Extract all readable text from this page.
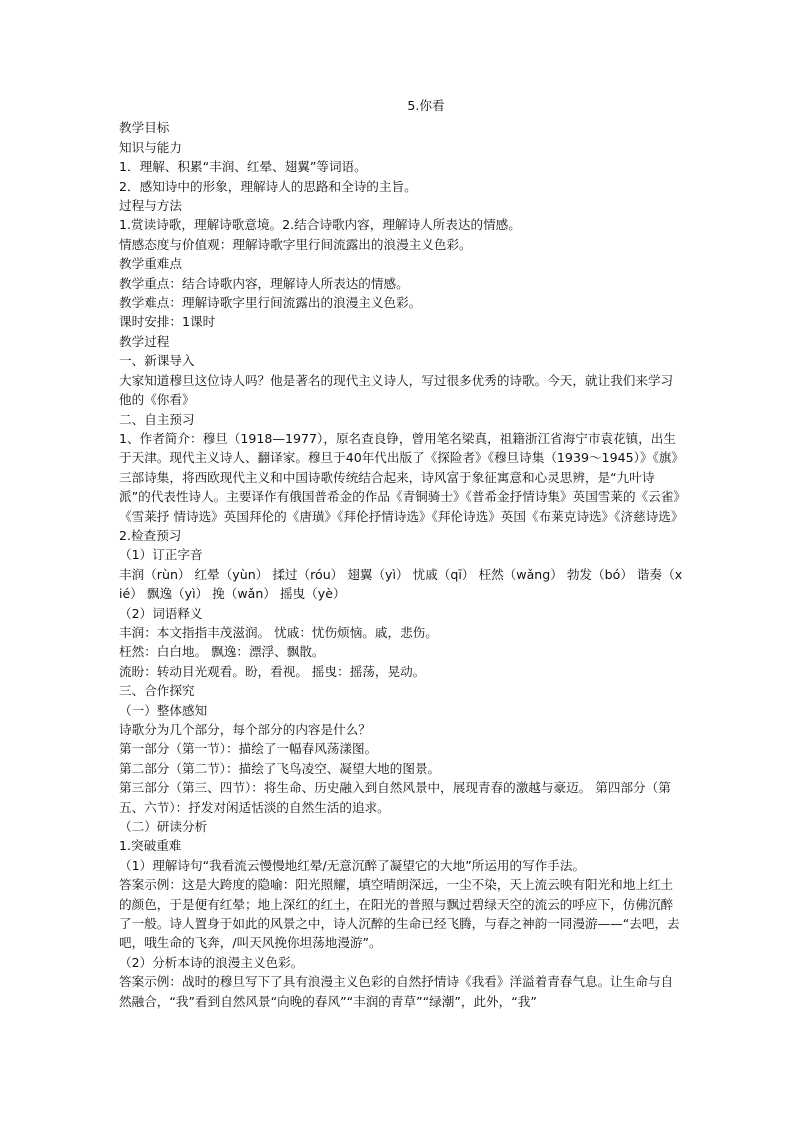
5.你看
教学目标
知识与能力
1．理解、积累“丰润、红晕、翅翼”等词语。
2．感知诗中的形象，理解诗人的思路和全诗的主旨。
过程与方法
1.赏读诗歌，理解诗歌意境。2.结合诗歌内容，理解诗人所表达的情感。
情感态度与价值观：理解诗歌字里行间流露出的浪漫主义色彩。
教学重难点
教学重点：结合诗歌内容，理解诗人所表达的情感。
教学难点：理解诗歌字里行间流露出的浪漫主义色彩。
课时安排：1课时
教学过程
一、新课导入
大家知道穆旦这位诗人吗？他是著名的现代主义诗人，写过很多优秀的诗歌。今天，就让我们来学习他的《你看》
二、自主预习
1、作者简介：穆旦（1918—1977），原名查良铮，曾用笔名梁真，祖籍浙江省海宁市袁花镇，出生于天津。现代主义诗人、翻译家。穆旦于40年代出版了《探险者》《穆旦诗集（1939～1945）》《旗》三部诗集，将西欧现代主义和中国诗歌传统结合起来，诗风富于象征寓意和心灵思辨，是“九叶诗派”的代表性诗人。主要译作有俄国普希金的作品《青铜骑士》《普希金抒情诗集》英国雪莱的《云雀》《雪莱抒 情诗选》英国拜伦的《唐璜》《拜伦抒情诗选》《拜伦诗选》英国《布莱克诗选》《济慈诗选》
2.检查预习
（1）订正字音
丰润（rùn） 红晕（yùn） 揉过（róu） 翅翼（yì） 忧戚（qī） 枉然（wǎng） 勃发（bó） 谐奏（xié） 飘逸（yì） 挽（wǎn） 摇曳（yè）
（2）词语释义
丰润：本文指指丰茂滋润。 忧戚：忧伤烦恼。戚，悲伤。
枉然：白白地。 飘逸：漂浮、飘散。
流盼：转动目光观看。盼，看视。 摇曳：摇荡，晃动。
三、合作探究
（一）整体感知
诗歌分为几个部分，每个部分的内容是什么？
第一部分（第一节）：描绘了一幅春风荡漾图。
第二部分（第二节）：描绘了飞鸟凌空、凝望大地的图景。
第三部分（第三、四节）：将生命、历史融入到自然风景中，展现青春的激越与豪迈。 第四部分（第五、六节）：抒发对闲适恬淡的自然生活的追求。
（二）研读分析
1.突破重难
（1）理解诗句“我看流云慢慢地红晕/无意沉醉了凝望它的大地”所运用的写作手法。
答案示例：这是大跨度的隐喻：阳光照耀，填空晴朗深远，一尘不染，天上流云映有阳光和地上红土的颜色，于是便有红晕；地上深红的红土，在阳光的普照与飘过碧绿天空的流云的呼应下，仿佛沉醉了一般。诗人置身于如此的风景之中，诗人沉醉的生命已经飞腾，与春之神韵一同漫游——“去吧，去吧，哦生命的飞奔，/叫天风挽你坦荡地漫游”。
（2）分析本诗的浪漫主义色彩。
答案示例：战时的穆旦写下了具有浪漫主义色彩的自然抒情诗《我看》洋溢着青春气息。让生命与自然融合，“我”看到自然风景“向晚的春风”“丰润的青草”“绿潮”，此外，“我”
